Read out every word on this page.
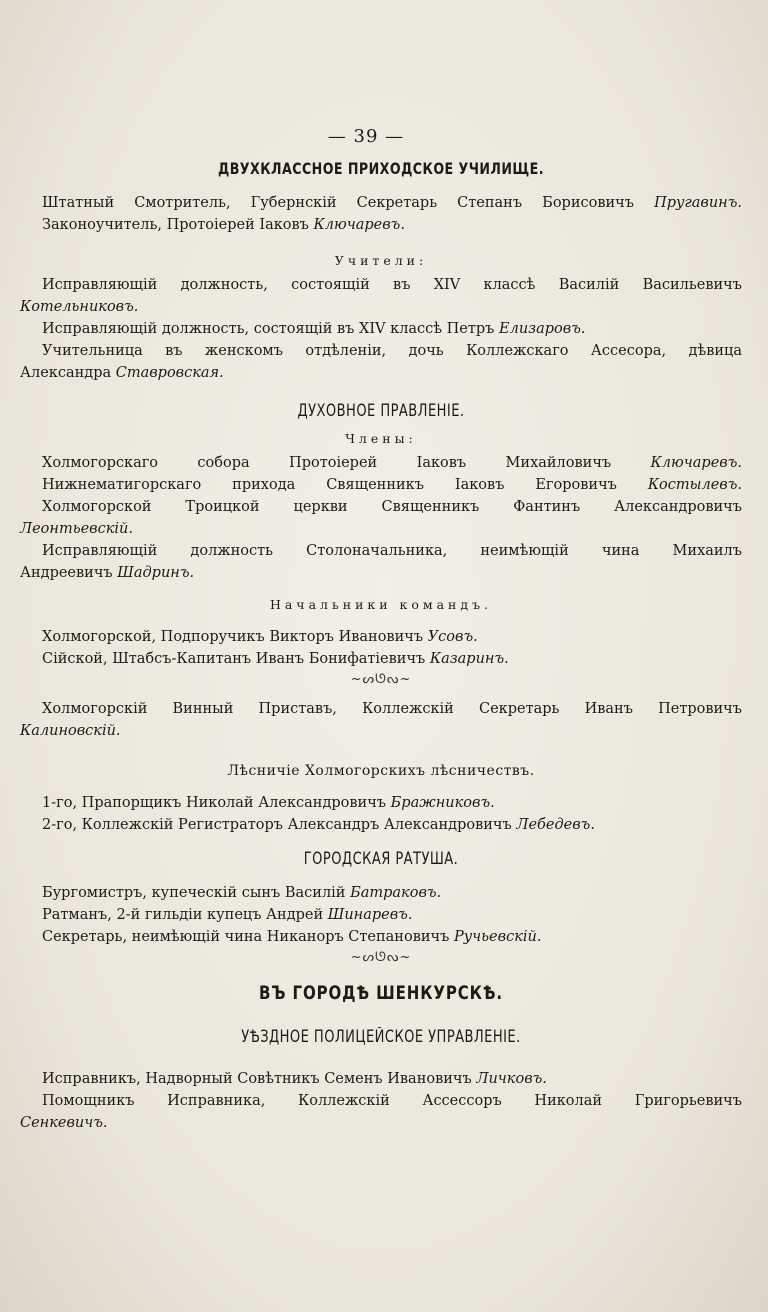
— 39 —
ДВУХКЛАССНОЕ ПРИХОДСКОЕ УЧИЛИЩЕ.

Штатный Смотритель, Губернскій Секретарь Степанъ Борисовичъ Пругавинъ.

Законоучитель, Протоіерей Іаковъ Ключаревъ.

Учители:

Исправляющій должность, состоящій въ XIV классѣ Василій Васильевичъ

Котельниковъ.

Исправляющій должность, состоящій въ XIV классѣ Петръ Елизаровъ.

Учительница въ женскомъ отдѣленіи, дочь Коллежскаго Ассесора, дѣвица

Александра Ставровская.

ДУХОВНОЕ ПРАВЛЕНІЕ.
Члены:

Холмогорскаго собора Протоіерей Іаковъ Михайловичъ Ключаревъ.

Нижнематигорскаго прихода Священникъ Іаковъ Егоровичъ Костылевъ.

Холмогорской Троицкой церкви Священникъ Фантинъ Александровичъ

Леонтьевскій.

Исправляющій должность Столоначальника, неимѣющій чина Михаилъ

Андреевичъ Шадринъ.

Начальники командъ.

Холмогорской, Подпоручикъ Викторъ Ивановичъ Усовъ.

Сійской, Штабсъ-Капитанъ Иванъ Бонифатіевичъ Казаринъ.

~ᔕᘎᔓ~

Холмогорскій Винный Приставъ, Коллежскій Секретарь Иванъ Петровичъ

Калиновскій.

Лѣсничіе Холмогорскихъ лѣсничествъ.

1-го, Прапорщикъ Николай Александровичъ Бражниковъ.

2-го, Коллежскій Регистраторъ Александръ Александровичъ Лебедевъ.

ГОРОДСКАЯ РАТУША.

Бургомистръ, купеческій сынъ Василій Батраковъ.

Ратманъ, 2-й гильдіи купецъ Андрей Шинаревъ.

Секретарь, неимѣющій чина Никаноръ Степановичъ Ручьевскій.

~ᔕᘎᔓ~
ВЪ ГОРОДѢ ШЕНКУРСКѢ.
УѢЗДНОЕ ПОЛИЦЕЙСКОЕ УПРАВЛЕНІЕ.

Исправникъ, Надворный Совѣтникъ Семенъ Ивановичъ Личковъ.

Помощникъ Исправника, Коллежскій Ассессоръ Николай Григорьевичъ

Сенкевичъ.
